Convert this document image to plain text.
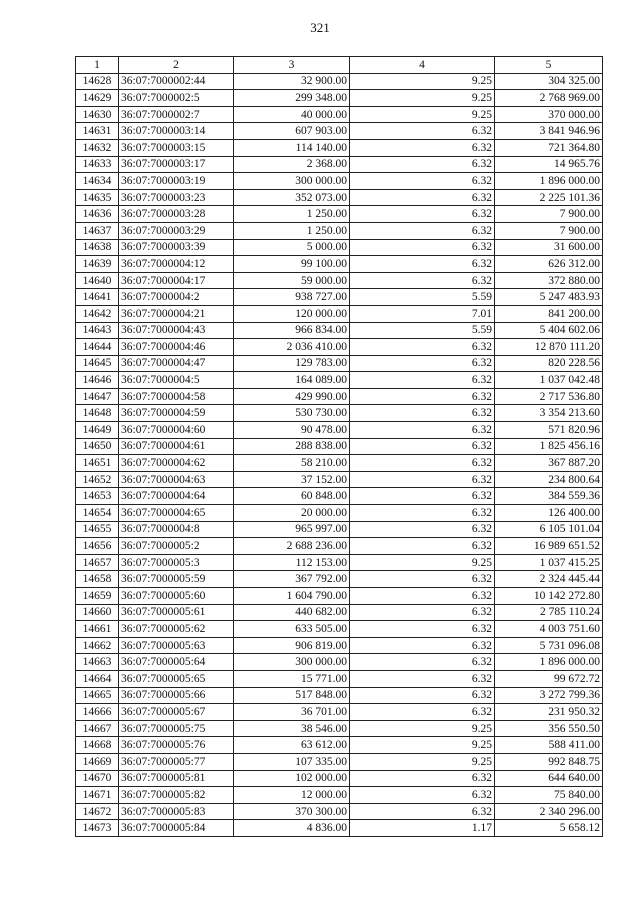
321
1	2	3	4	5
14628	36:07:7000002:44	32 900.00	9.25	304 325.00
14629	36:07:7000002:5	299 348.00	9.25	2 768 969.00
14630	36:07:7000002:7	40 000.00	9.25	370 000.00
14631	36:07:7000003:14	607 903.00	6.32	3 841 946.96
14632	36:07:7000003:15	114 140.00	6.32	721 364.80
14633	36:07:7000003:17	2 368.00	6.32	14 965.76
14634	36:07:7000003:19	300 000.00	6.32	1 896 000.00
14635	36:07:7000003:23	352 073.00	6.32	2 225 101.36
14636	36:07:7000003:28	1 250.00	6.32	7 900.00
14637	36:07:7000003:29	1 250.00	6.32	7 900.00
14638	36:07:7000003:39	5 000.00	6.32	31 600.00
14639	36:07:7000004:12	99 100.00	6.32	626 312.00
14640	36:07:7000004:17	59 000.00	6.32	372 880.00
14641	36:07:7000004:2	938 727.00	5.59	5 247 483.93
14642	36:07:7000004:21	120 000.00	7.01	841 200.00
14643	36:07:7000004:43	966 834.00	5.59	5 404 602.06
14644	36:07:7000004:46	2 036 410.00	6.32	12 870 111.20
14645	36:07:7000004:47	129 783.00	6.32	820 228.56
14646	36:07:7000004:5	164 089.00	6.32	1 037 042.48
14647	36:07:7000004:58	429 990.00	6.32	2 717 536.80
14648	36:07:7000004:59	530 730.00	6.32	3 354 213.60
14649	36:07:7000004:60	90 478.00	6.32	571 820.96
14650	36:07:7000004:61	288 838.00	6.32	1 825 456.16
14651	36:07:7000004:62	58 210.00	6.32	367 887.20
14652	36:07:7000004:63	37 152.00	6.32	234 800.64
14653	36:07:7000004:64	60 848.00	6.32	384 559.36
14654	36:07:7000004:65	20 000.00	6.32	126 400.00
14655	36:07:7000004:8	965 997.00	6.32	6 105 101.04
14656	36:07:7000005:2	2 688 236.00	6.32	16 989 651.52
14657	36:07:7000005:3	112 153.00	9.25	1 037 415.25
14658	36:07:7000005:59	367 792.00	6.32	2 324 445.44
14659	36:07:7000005:60	1 604 790.00	6.32	10 142 272.80
14660	36:07:7000005:61	440 682.00	6.32	2 785 110.24
14661	36:07:7000005:62	633 505.00	6.32	4 003 751.60
14662	36:07:7000005:63	906 819.00	6.32	5 731 096.08
14663	36:07:7000005:64	300 000.00	6.32	1 896 000.00
14664	36:07:7000005:65	15 771.00	6.32	99 672.72
14665	36:07:7000005:66	517 848.00	6.32	3 272 799.36
14666	36:07:7000005:67	36 701.00	6.32	231 950.32
14667	36:07:7000005:75	38 546.00	9.25	356 550.50
14668	36:07:7000005:76	63 612.00	9.25	588 411.00
14669	36:07:7000005:77	107 335.00	9.25	992 848.75
14670	36:07:7000005:81	102 000.00	6.32	644 640.00
14671	36:07:7000005:82	12 000.00	6.32	75 840.00
14672	36:07:7000005:83	370 300.00	6.32	2 340 296.00
14673	36:07:7000005:84	4 836.00	1.17	5 658.12
